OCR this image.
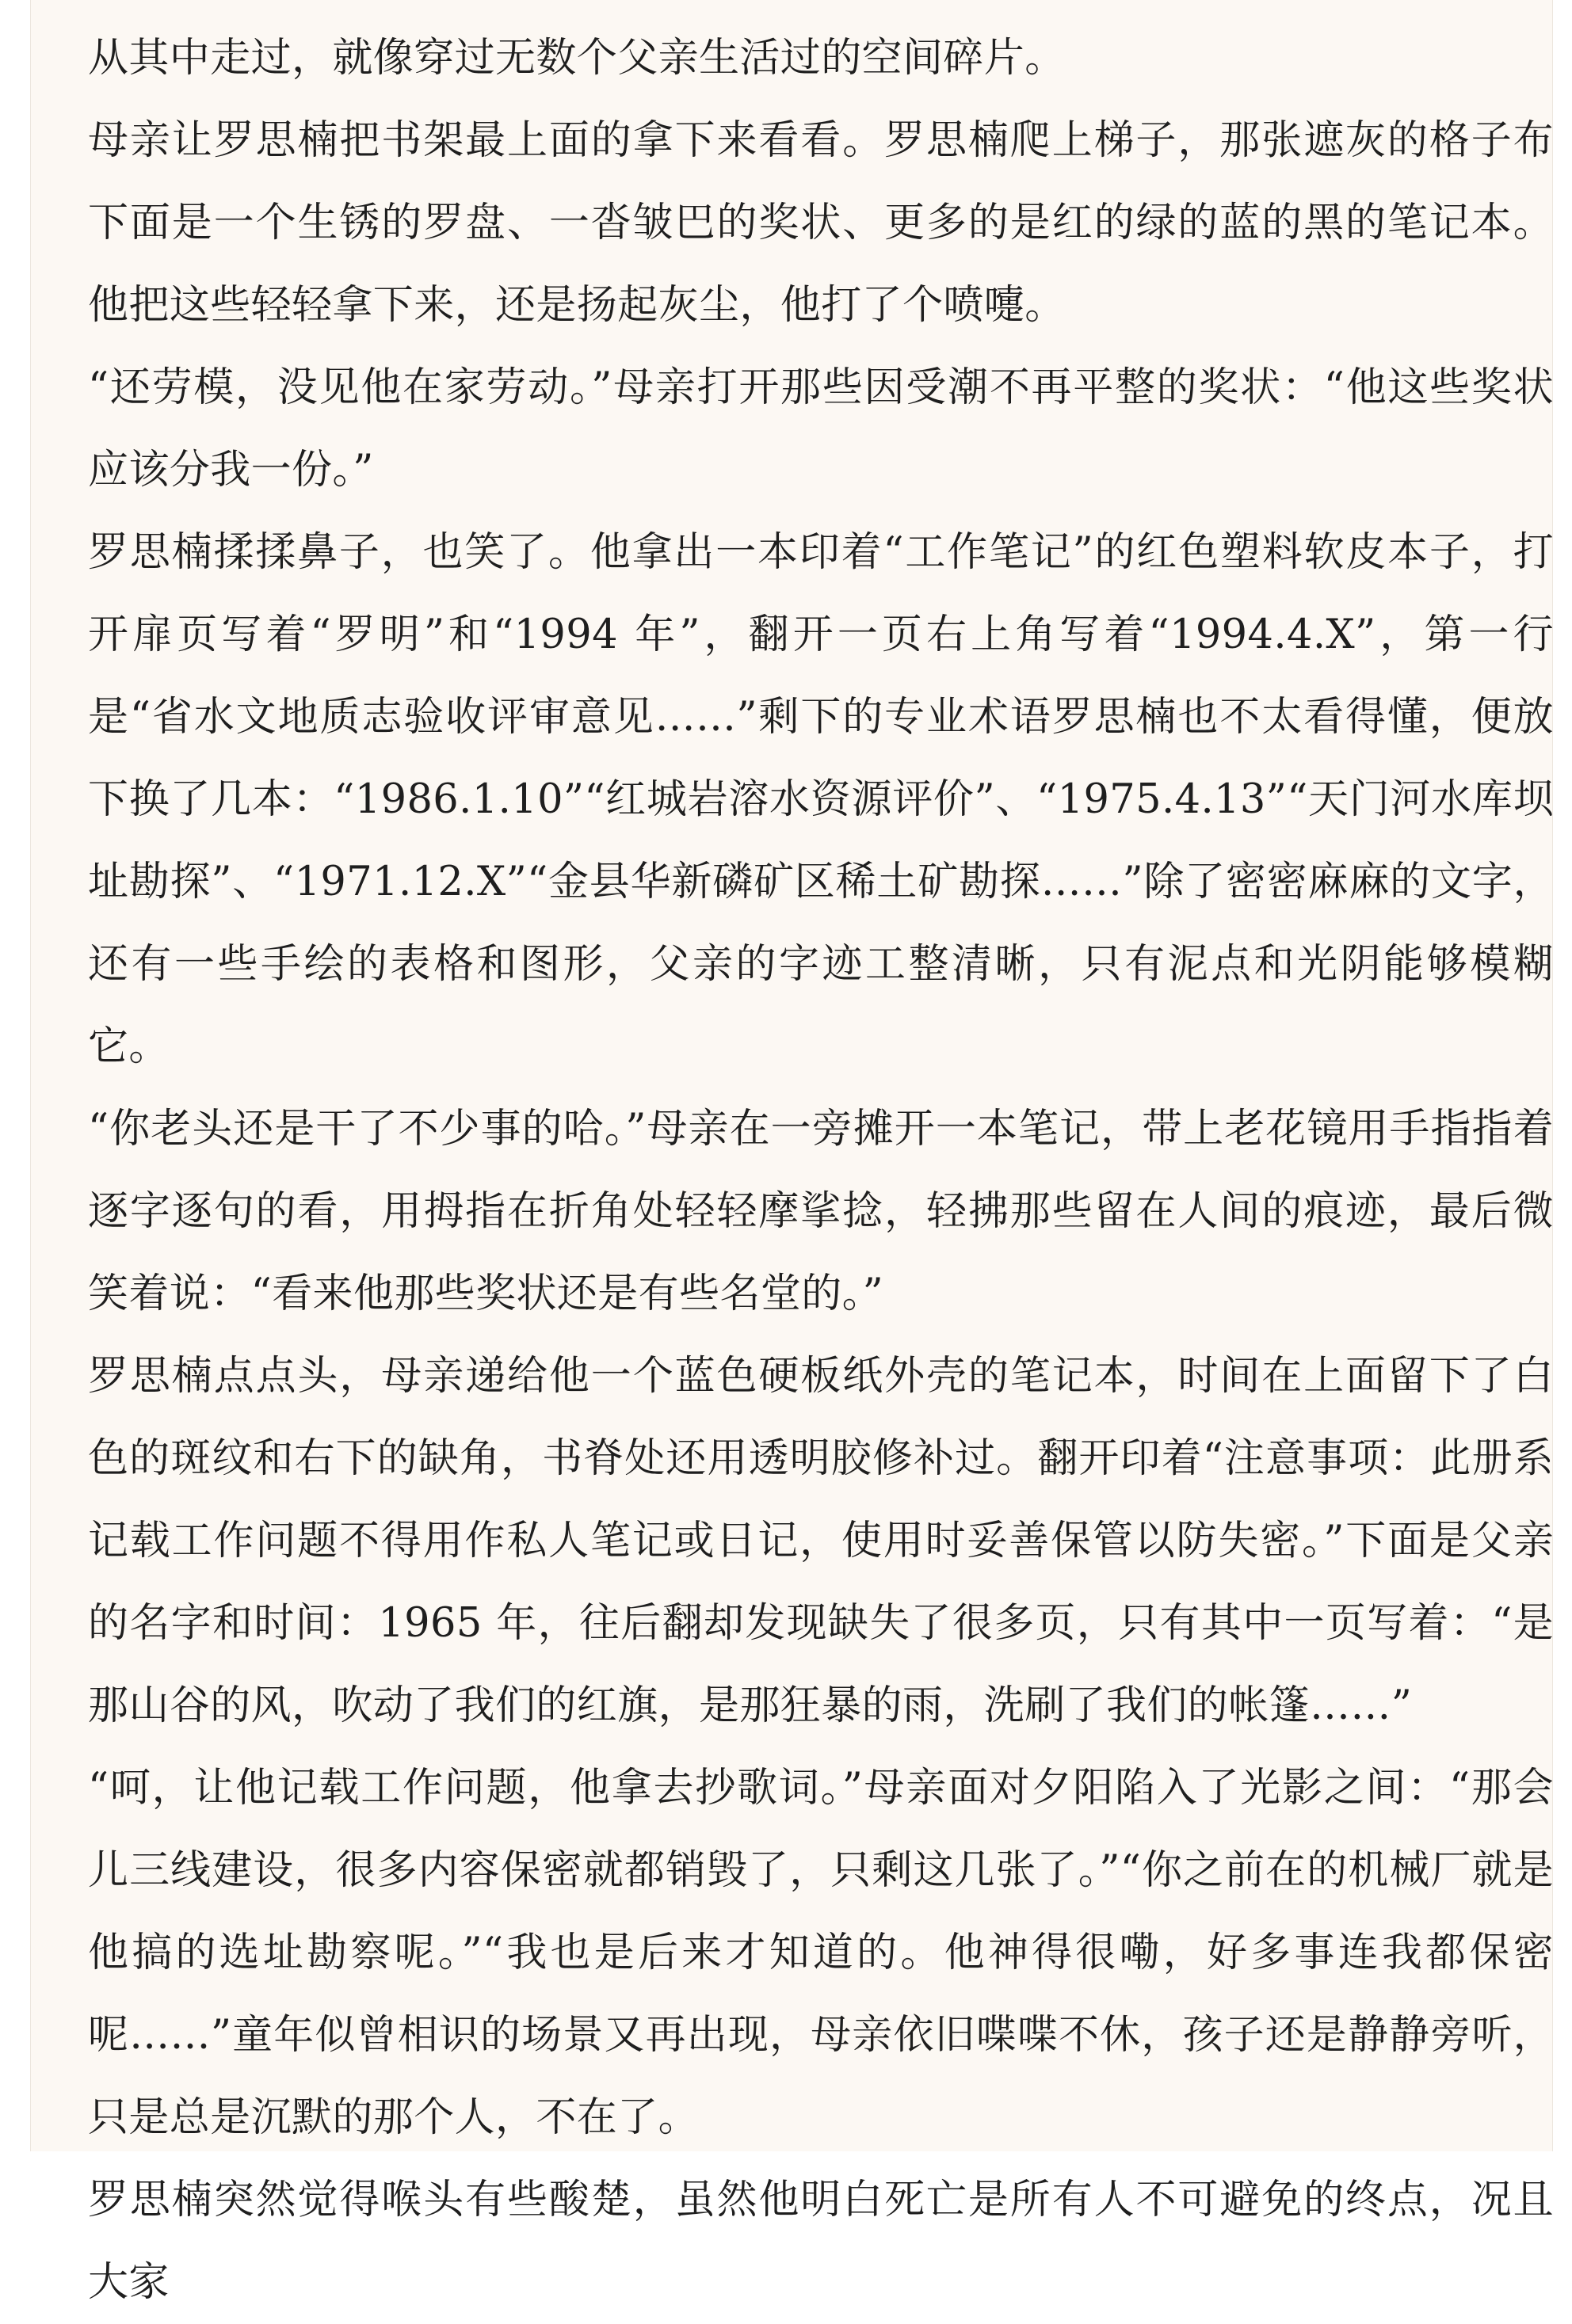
从其中走过，就像穿过无数个父亲生活过的空间碎片。

母亲让罗思楠把书架最上面的拿下来看看。罗思楠爬上梯子，那张遮灰的格子布下面是一个生锈的罗盘、一沓皱巴的奖状、更多的是红的绿的蓝的黑的笔记本。他把这些轻轻拿下来，还是扬起灰尘，他打了个喷嚏。

“还劳模，没见他在家劳动。”母亲打开那些因受潮不再平整的奖状：“他这些奖状应该分我一份。”

罗思楠揉揉鼻子，也笑了。他拿出一本印着“工作笔记”的红色塑料软皮本子，打开扉页写着“罗明”和“1994 年”，翻开一页右上角写着“1994.4.X”，第一行是“省水文地质志验收评审意见……”剩下的专业术语罗思楠也不太看得懂，便放下换了几本：“1986.1.10”“红城岩溶水资源评价”、“1975.4.13”“天门河水库坝址勘探”、“1971.12.X”“金县华新磷矿区稀土矿勘探……”除了密密麻麻的文字，还有一些手绘的表格和图形，父亲的字迹工整清晰，只有泥点和光阴能够模糊它。

“你老头还是干了不少事的哈。”母亲在一旁摊开一本笔记，带上老花镜用手指指着逐字逐句的看，用拇指在折角处轻轻摩挲捻，轻拂那些留在人间的痕迹，最后微笑着说：“看来他那些奖状还是有些名堂的。”

罗思楠点点头，母亲递给他一个蓝色硬板纸外壳的笔记本，时间在上面留下了白色的斑纹和右下的缺角，书脊处还用透明胶修补过。翻开印着“注意事项：此册系记载工作问题不得用作私人笔记或日记，使用时妥善保管以防失密。”下面是父亲的名字和时间：1965 年，往后翻却发现缺失了很多页，只有其中一页写着：“是那山谷的风，吹动了我们的红旗，是那狂暴的雨，洗刷了我们的帐篷……”

“呵，让他记载工作问题，他拿去抄歌词。”母亲面对夕阳陷入了光影之间：“那会儿三线建设，很多内容保密就都销毁了，只剩这几张了。”“你之前在的机械厂就是他搞的选址勘察呢。”“我也是后来才知道的。他神得很嘞，好多事连我都保密呢……”童年似曾相识的场景又再出现，母亲依旧喋喋不休，孩子还是静静旁听，只是总是沉默的那个人，不在了。

罗思楠突然觉得喉头有些酸楚，虽然他明白死亡是所有人不可避免的终点，况且大家
